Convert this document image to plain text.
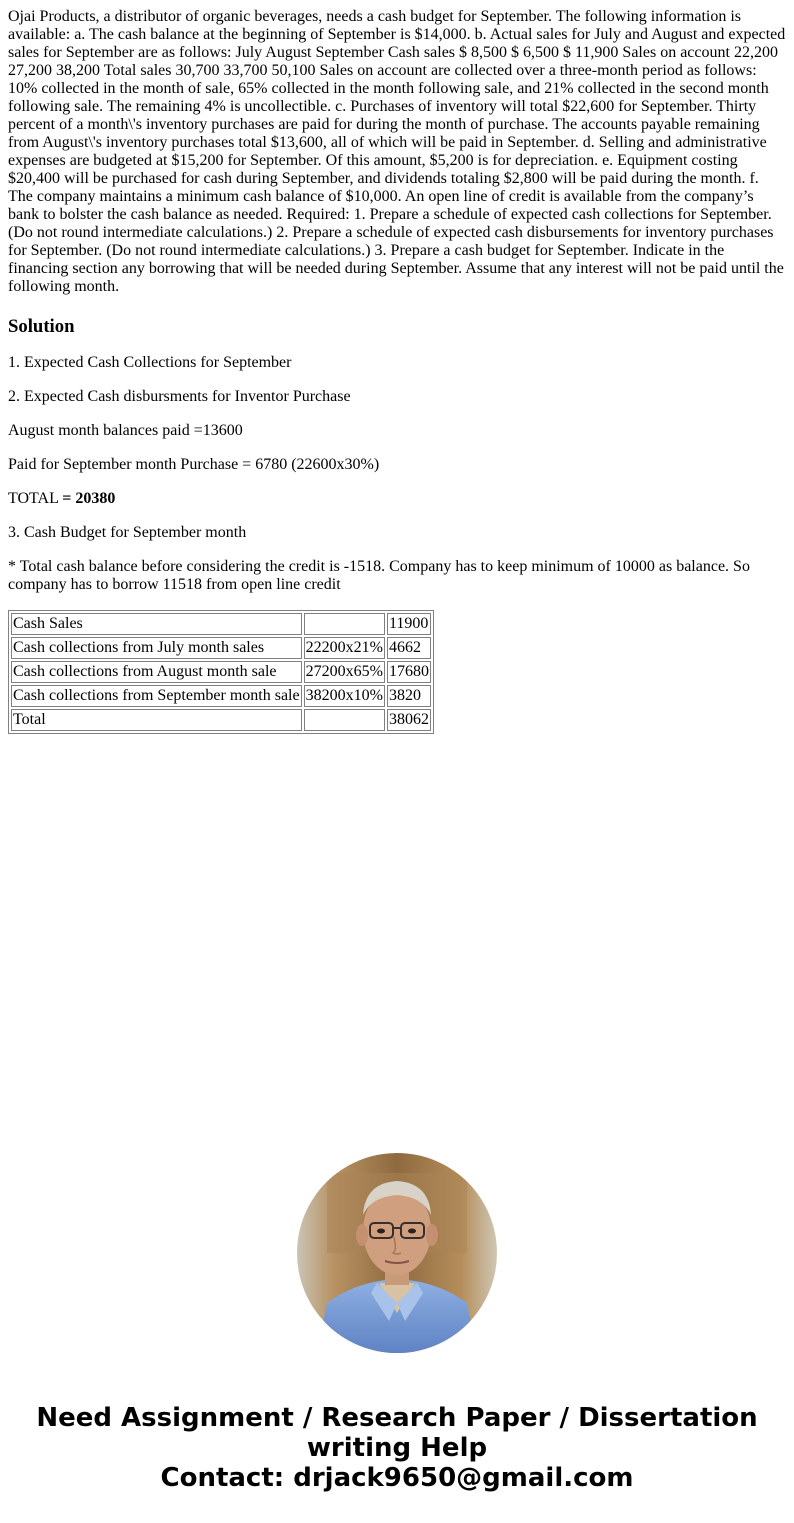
Ojai Products, a distributor of organic beverages, needs a cash budget for September. The following information is available: a. The cash balance at the beginning of September is $14,000. b. Actual sales for July and August and expected sales for September are as follows: July August September Cash sales $ 8,500 $ 6,500 $ 11,900 Sales on account 22,200 27,200 38,200 Total sales 30,700 33,700 50,100 Sales on account are collected over a three-month period as follows: 10% collected in the month of sale, 65% collected in the month following sale, and 21% collected in the second month following sale. The remaining 4% is uncollectible. c. Purchases of inventory will total $22,600 for September. Thirty percent of a month\'s inventory purchases are paid for during the month of purchase. The accounts payable remaining from August\'s inventory purchases total $13,600, all of which will be paid in September. d. Selling and administrative expenses are budgeted at $15,200 for September. Of this amount, $5,200 is for depreciation. e. Equipment costing $20,400 will be purchased for cash during September, and dividends totaling $2,800 will be paid during the month. f. The company maintains a minimum cash balance of $10,000. An open line of credit is available from the company’s bank to bolster the cash balance as needed. Required: 1. Prepare a schedule of expected cash collections for September. (Do not round intermediate calculations.) 2. Prepare a schedule of expected cash disbursements for inventory purchases for September. (Do not round intermediate calculations.) 3. Prepare a cash budget for September. Indicate in the financing section any borrowing that will be needed during September. Assume that any interest will not be paid until the following month.

Solution

1. Expected Cash Collections for September

2. Expected Cash disbursments for Inventor Purchase

August month balances paid =13600

Paid for September month Purchase = 6780 (22600x30%)

TOTAL = 20380

3. Cash Budget for September month

* Total cash balance before considering the credit is -1518. Company has to keep minimum of 10000 as balance. So company has to borrow 11518 from open line credit

Cash Sales		11900
Cash collections from July month sales	22200x21%	4662
Cash collections from August month sale	27200x65%	17680
Cash collections from September month sale	38200x10%	3820
Total		38062
Need Assignment / Research Paper / Dissertation
writing Help
Contact: drjack9650@gmail.com
